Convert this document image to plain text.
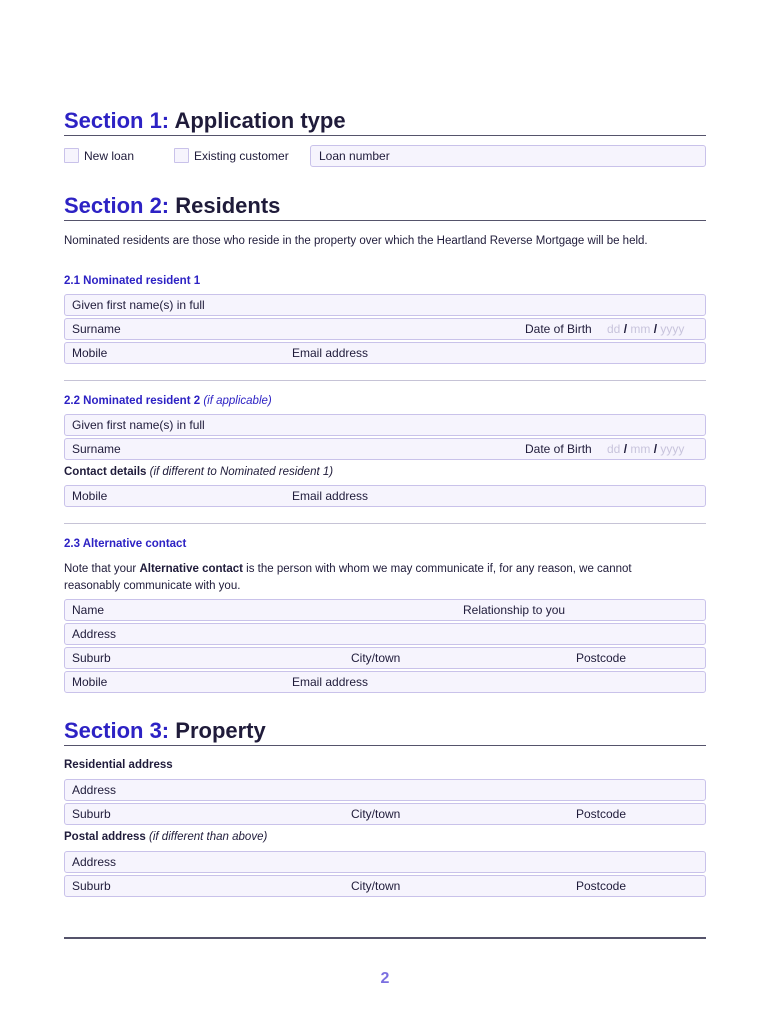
Section 1: Application type
New loan	Existing customer	Loan number
Section 2: Residents
Nominated residents are those who reside in the property over which the Heartland Reverse Mortgage will be held.
2.1 Nominated resident 1
Given first name(s) in full
Surname	Date of Birth dd / mm / yyyy
Mobile	Email address
2.2 Nominated resident 2 (if applicable)
Given first name(s) in full
Surname	Date of Birth dd / mm / yyyy
Contact details (if different to Nominated resident 1)
Mobile	Email address
2.3 Alternative contact
Note that your Alternative contact is the person with whom we may communicate if, for any reason, we cannot reasonably communicate with you.
Name	Relationship to you
Address
Suburb	City/town	Postcode
Mobile	Email address
Section 3: Property
Residential address
Address
Suburb	City/town	Postcode
Postal address (if different than above)
Address
Suburb	City/town	Postcode
2
